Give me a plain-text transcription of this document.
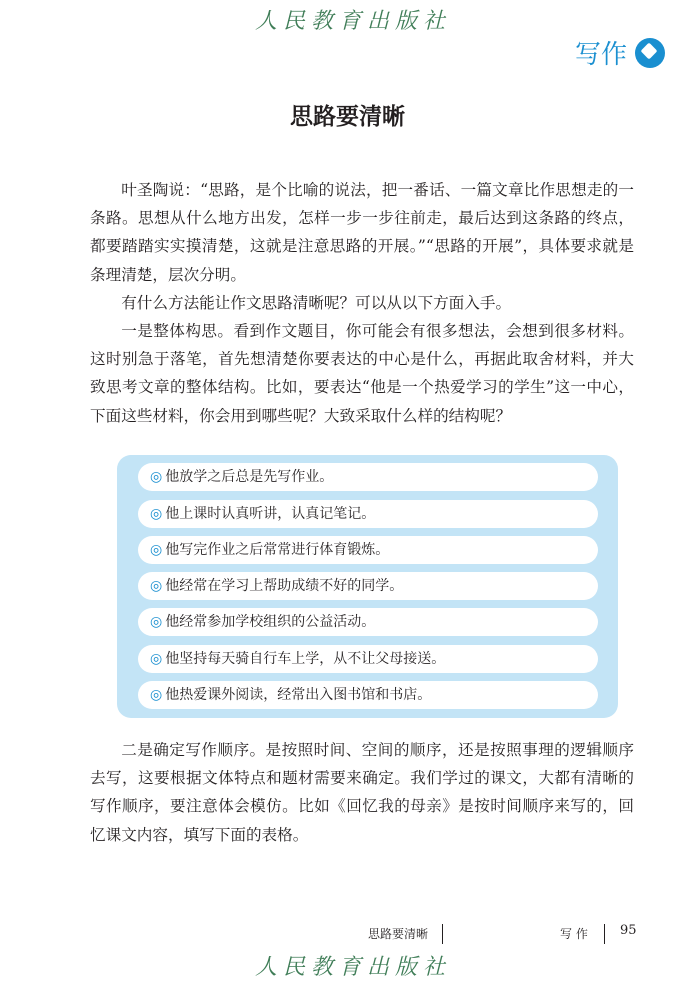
人民教育出版社
写作
思路要清晰

叶圣陶说：“思路，是个比喻的说法，把一番话、一篇文章比作思想走的一条路。思想从什么地方出发，怎样一步一步往前走，最后达到这条路的终点，都要踏踏实实摸清楚，这就是注意思路的开展。”“思路的开展”，具体要求就是条理清楚，层次分明。

有什么方法能让作文思路清晰呢？可以从以下方面入手。

一是整体构思。看到作文题目，你可能会有很多想法，会想到很多材料。这时别急于落笔，首先想清楚你要表达的中心是什么，再据此取舍材料，并大致思考文章的整体结构。比如，要表达“他是一个热爱学习的学生”这一中心，下面这些材料，你会用到哪些呢？大致采取什么样的结构呢？

◎ 他放学之后总是先写作业。
◎ 他上课时认真听讲，认真记笔记。
◎ 他写完作业之后常常进行体育锻炼。
◎ 他经常在学习上帮助成绩不好的同学。
◎ 他经常参加学校组织的公益活动。
◎ 他坚持每天骑自行车上学，从不让父母接送。
◎ 他热爱课外阅读，经常出入图书馆和书店。

二是确定写作顺序。是按照时间、空间的顺序，还是按照事理的逻辑顺序去写，这要根据文体特点和题材需要来确定。我们学过的课文，大都有清晰的写作顺序，要注意体会模仿。比如《回忆我的母亲》是按时间顺序来写的，回忆课文内容，填写下面的表格。

思路要清晰	写 作 95
人民教育出版社
